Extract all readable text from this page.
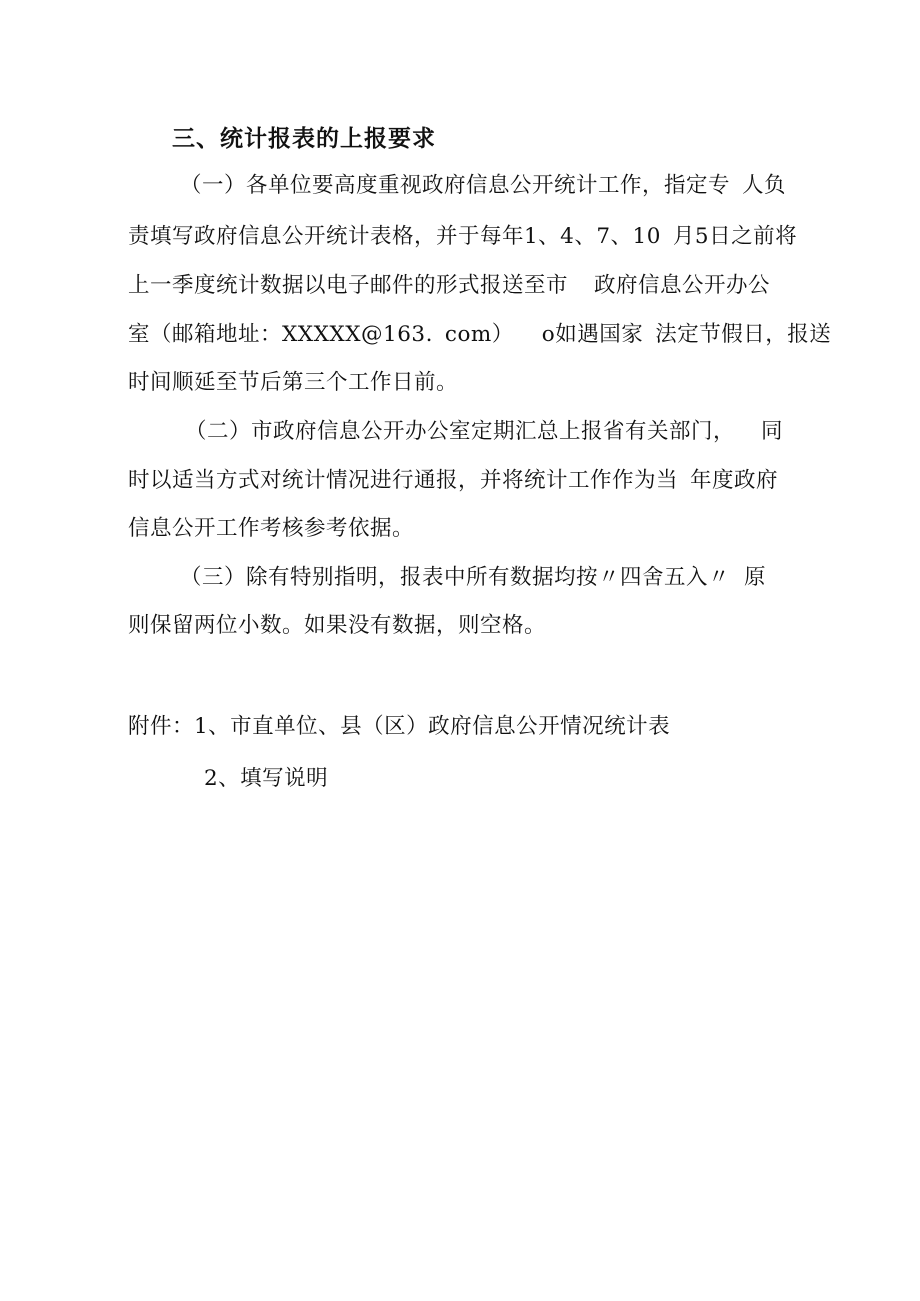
三、统计报表的上报要求
（一）各单位要高度重视政府信息公开统计工作，指定专 人负
责填写政府信息公开统计表格，并于每年1、4、7、10 月5日之前将
上一季度统计数据以电子邮件的形式报送至市 政府信息公开办公
室（邮箱地址：XXXXX@163. com） o如遇国家 法定节假日，报送
时间顺延至节后第三个工作日前。
（二）市政府信息公开办公室定期汇总上报省有关部门， 同
时以适当方式对统计情况进行通报，并将统计工作作为当 年度政府
信息公开工作考核参考依据。
（三）除有特别指明，报表中所有数据均按〃四舍五入〃 原
则保留两位小数。如果没有数据，则空格。
附件：1、市直单位、县（区）政府信息公开情况统计表
2、填写说明
